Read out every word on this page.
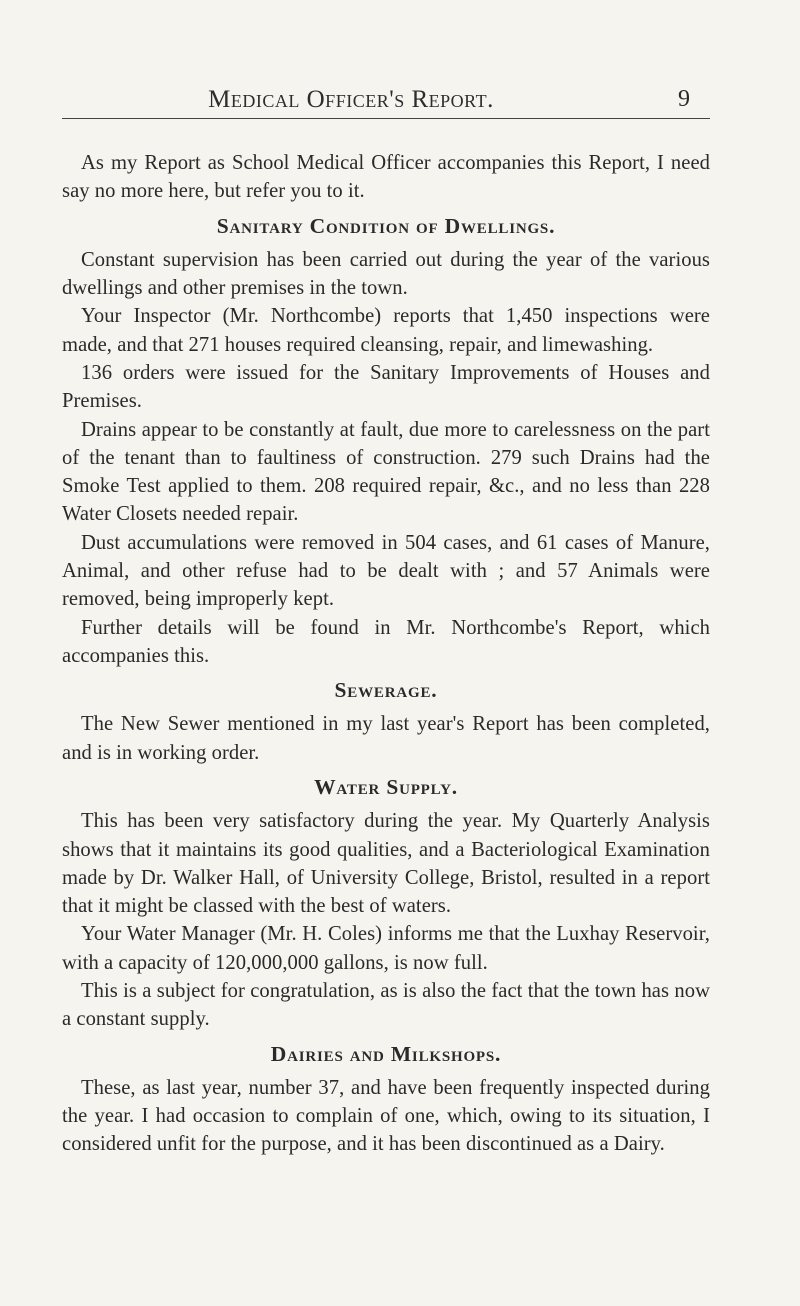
Medical Officer's Report.	9

As my Report as School Medical Officer accompanies this Report, I need say no more here, but refer you to it.

Sanitary Condition of Dwellings.

Constant supervision has been carried out during the year of the various dwellings and other premises in the town.

Your Inspector (Mr. Northcombe) reports that 1,450 inspections were made, and that 271 houses required cleansing, repair, and limewashing.

136 orders were issued for the Sanitary Improvements of Houses and Premises.

Drains appear to be constantly at fault, due more to carelessness on the part of the tenant than to faultiness of construction. 279 such Drains had the Smoke Test applied to them. 208 required repair, &c., and no less than 228 Water Closets needed repair.

Dust accumulations were removed in 504 cases, and 61 cases of Manure, Animal, and other refuse had to be dealt with ; and 57 Animals were removed, being improperly kept.

Further details will be found in Mr. Northcombe's Report, which accompanies this.

Sewerage.

The New Sewer mentioned in my last year's Report has been completed, and is in working order.

Water Supply.

This has been very satisfactory during the year. My Quarterly Analysis shows that it maintains its good qualities, and a Bacteriological Examination made by Dr. Walker Hall, of University College, Bristol, resulted in a report that it might be classed with the best of waters.

Your Water Manager (Mr. H. Coles) informs me that the Luxhay Reservoir, with a capacity of 120,000,000 gallons, is now full.

This is a subject for congratulation, as is also the fact that the town has now a constant supply.

Dairies and Milkshops.

These, as last year, number 37, and have been frequently inspected during the year. I had occasion to complain of one, which, owing to its situation, I considered unfit for the purpose, and it has been discontinued as a Dairy.
